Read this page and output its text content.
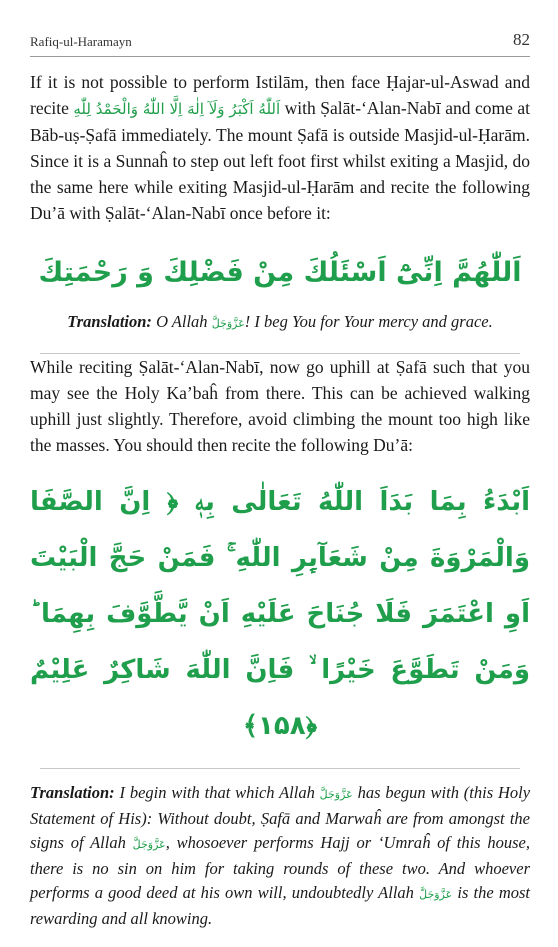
Rafiq-ul-Haramayn	82

If it is not possible to perform Istilām, then face Ḥajar-ul-Aswad and recite اَللّٰهُ اَكْبَرُ وَلَآ اِلٰهَ اِلَّا اللّٰهُ وَالْحَمْدُ لِلّٰهِ with Ṣalāt-‘Alan-Nabī and come at Bāb-uṣ-Ṣafā immediately. The mount Ṣafā is outside Masjid-ul-Ḥarām. Since it is a Sunnaĥ to step out left foot first whilst exiting a Masjid, do the same here while exiting Masjid-ul-Ḥarām and recite the following Du’ā with Ṣalāt-‘Alan-Nabī once before it:

اَللّٰهُمَّ اِنِّىْٓ اَسْئَلُكَ مِنْ فَضْلِكَ وَ رَحْمَتِكَ

Translation: O Allah عَزَّوَجَلَّ! I beg You for Your mercy and grace.

While reciting Ṣalāt-‘Alan-Nabī, now go uphill at Ṣafā such that you may see the Holy Ka’baĥ from there. This can be achieved walking uphill just slightly. Therefore, avoid climbing the mount too high like the masses. You should then recite the following Du’ā:

اَبْدَءُ بِمَا بَدَاَ اللّٰهُ تَعَالٰى بِهٖ ﴿ اِنَّ الصَّفَا وَالْمَرْوَةَ مِنْ شَعَآىِٕرِ اللّٰهِ ۚ فَمَنْ حَجَّ الْبَيْتَ اَوِ اعْتَمَرَ فَلَا جُنَاحَ عَلَيْهِ اَنْ يَّطَّوَّفَ بِهِمَا ؕ وَمَنْ تَطَوَّعَ خَيْرًا ۙ فَاِنَّ اللّٰهَ شَاكِرٌ عَلِيْمٌ ﴿۱۵۸﴾

Translation: I begin with that which Allah عَزَّوَجَلَّ has begun with (this Holy Statement of His): Without doubt, Ṣafā and Marwaĥ are from amongst the signs of Allah عَزَّوَجَلَّ, whosoever performs Hajj or ‘Umraĥ of this house, there is no sin on him for taking rounds of these two. And whoever performs a good deed at his own will, undoubtedly Allah عَزَّوَجَلَّ is the most rewarding and all knowing.
